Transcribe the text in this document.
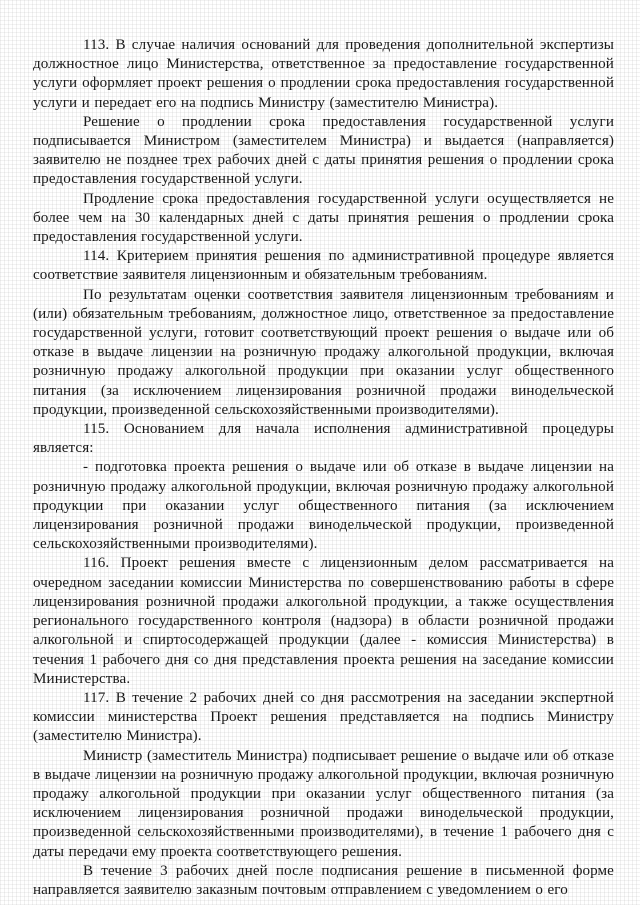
113. В случае наличия оснований для проведения дополнительной экспертизы должностное лицо Министерства, ответственное за предоставление государственной услуги оформляет проект решения о продлении срока предоставления государственной услуги и передает его на подпись Министру (заместителю Министра).

Решение о продлении срока предоставления государственной услуги подписывается Министром (заместителем Министра) и выдается (направляется) заявителю не позднее трех рабочих дней с даты принятия решения о продлении срока предоставления государственной услуги.

Продление срока предоставления государственной услуги осуществляется не более чем на 30 календарных дней с даты принятия решения о продлении срока предоставления государственной услуги.

114. Критерием принятия решения по административной процедуре является соответствие заявителя лицензионным и обязательным требованиям.

По результатам оценки соответствия заявителя лицензионным требованиям и (или) обязательным требованиям, должностное лицо, ответственное за предоставление государственной услуги, готовит соответствующий проект решения о выдаче или об отказе в выдаче лицензии на розничную продажу алкогольной продукции, включая розничную продажу алкогольной продукции при оказании услуг общественного питания (за исключением лицензирования розничной продажи винодельческой продукции, произведенной сельскохозяйственными производителями).

115. Основанием для начала исполнения административной процедуры является:

- подготовка проекта решения о выдаче или об отказе в выдаче лицензии на розничную продажу алкогольной продукции, включая розничную продажу алкогольной продукции при оказании услуг общественного питания (за исключением лицензирования розничной продажи винодельческой продукции, произведенной сельскохозяйственными производителями).

116. Проект решения вместе с лицензионным делом рассматривается на очередном заседании комиссии Министерства по совершенствованию работы в сфере лицензирования розничной продажи алкогольной продукции, а также осуществления регионального государственного контроля (надзора) в области розничной продажи алкогольной и спиртосодержащей продукции (далее - комиссия Министерства) в течения 1 рабочего дня со дня представления проекта решения на заседание комиссии Министерства.

117. В течение 2 рабочих дней со дня рассмотрения на заседании экспертной комиссии министерства Проект решения представляется на подпись Министру (заместителю Министра).

Министр (заместитель Министра) подписывает решение о выдаче или об отказе в выдаче лицензии на розничную продажу алкогольной продукции, включая розничную продажу алкогольной продукции при оказании услуг общественного питания (за исключением лицензирования розничной продажи винодельческой продукции, произведенной сельскохозяйственными производителями), в течение 1 рабочего дня с даты передачи ему проекта соответствующего решения.

В течение 3 рабочих дней после подписания решение в письменной форме направляется заявителю заказным почтовым отправлением с уведомлением о его
